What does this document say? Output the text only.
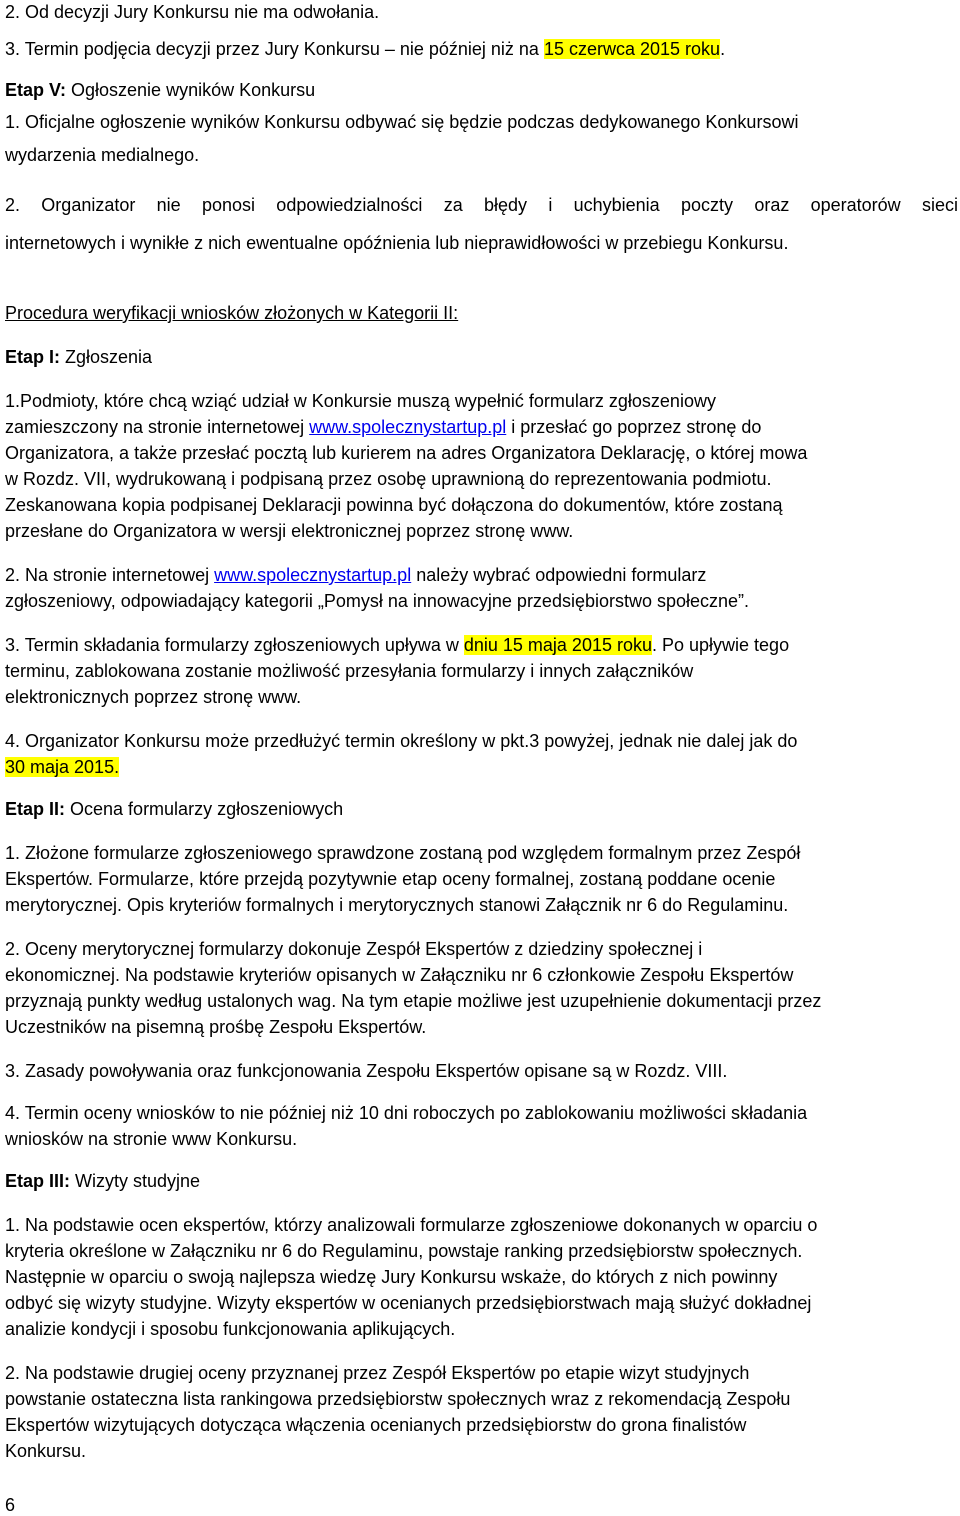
2. Od decyzji Jury Konkursu nie ma odwołania.
3. Termin podjęcia decyzji przez Jury Konkursu – nie później niż na 15 czerwca 2015 roku.
Etap V: Ogłoszenie wyników Konkursu
1. Oficjalne ogłoszenie wyników Konkursu odbywać się będzie podczas dedykowanego Konkursowi
wydarzenia medialnego.
2. Organizator nie ponosi odpowiedzialności za błędy i uchybienia poczty oraz operatorów sieci
internetowych i wynikłe z nich ewentualne opóźnienia lub nieprawidłowości w przebiegu Konkursu.
Procedura weryfikacji wniosków złożonych w Kategorii II:
Etap I: Zgłoszenia
1.Podmioty, które chcą wziąć udział w Konkursie muszą wypełnić formularz zgłoszeniowy
zamieszczony na stronie internetowej www.spolecznystartup.pl i przesłać go poprzez stronę do
Organizatora, a także przesłać pocztą lub kurierem na adres Organizatora Deklarację, o której mowa
w Rozdz. VII, wydrukowaną i podpisaną przez osobę uprawnioną do reprezentowania podmiotu.
Zeskanowana kopia podpisanej Deklaracji powinna być dołączona do dokumentów, które zostaną
przesłane do Organizatora w wersji elektronicznej poprzez stronę www.
2. Na stronie internetowej www.spolecznystartup.pl należy wybrać odpowiedni formularz
zgłoszeniowy, odpowiadający kategorii „Pomysł na innowacyjne przedsiębiorstwo społeczne”.
3. Termin składania formularzy zgłoszeniowych upływa w dniu 15 maja 2015 roku. Po upływie tego
terminu, zablokowana zostanie możliwość przesyłania formularzy i innych załączników
elektronicznych poprzez stronę www.
4. Organizator Konkursu może przedłużyć termin określony w pkt.3 powyżej, jednak nie dalej jak do
30 maja 2015.
Etap II: Ocena formularzy zgłoszeniowych
1. Złożone formularze zgłoszeniowego sprawdzone zostaną pod względem formalnym przez Zespół
Ekspertów. Formularze, które przejdą pozytywnie etap oceny formalnej, zostaną poddane ocenie
merytorycznej. Opis kryteriów formalnych i merytorycznych stanowi Załącznik nr 6 do Regulaminu.
2. Oceny merytorycznej formularzy dokonuje Zespół Ekspertów z dziedziny społecznej i
ekonomicznej. Na podstawie kryteriów opisanych w Załączniku nr 6 członkowie Zespołu Ekspertów
przyznają punkty według ustalonych wag. Na tym etapie możliwe jest uzupełnienie dokumentacji przez
Uczestników na pisemną prośbę Zespołu Ekspertów.
3. Zasady powoływania oraz funkcjonowania Zespołu Ekspertów opisane są w Rozdz. VIII.
4. Termin oceny wniosków to nie później niż 10 dni roboczych po zablokowaniu możliwości składania
wniosków na stronie www Konkursu.
Etap III: Wizyty studyjne
1. Na podstawie ocen ekspertów, którzy analizowali formularze zgłoszeniowe dokonanych w oparciu o
kryteria określone w Załączniku nr 6 do Regulaminu, powstaje ranking przedsiębiorstw społecznych.
Następnie w oparciu o swoją najlepsza wiedzę Jury Konkursu wskaże, do których z nich powinny
odbyć się wizyty studyjne. Wizyty ekspertów w ocenianych przedsiębiorstwach mają służyć dokładnej
analizie kondycji i sposobu funkcjonowania aplikujących.
2. Na podstawie drugiej oceny przyznanej przez Zespół Ekspertów po etapie wizyt studyjnych
powstanie ostateczna lista rankingowa przedsiębiorstw społecznych wraz z rekomendacją Zespołu
Ekspertów wizytujących dotycząca włączenia ocenianych przedsiębiorstw do grona finalistów
Konkursu.
6
